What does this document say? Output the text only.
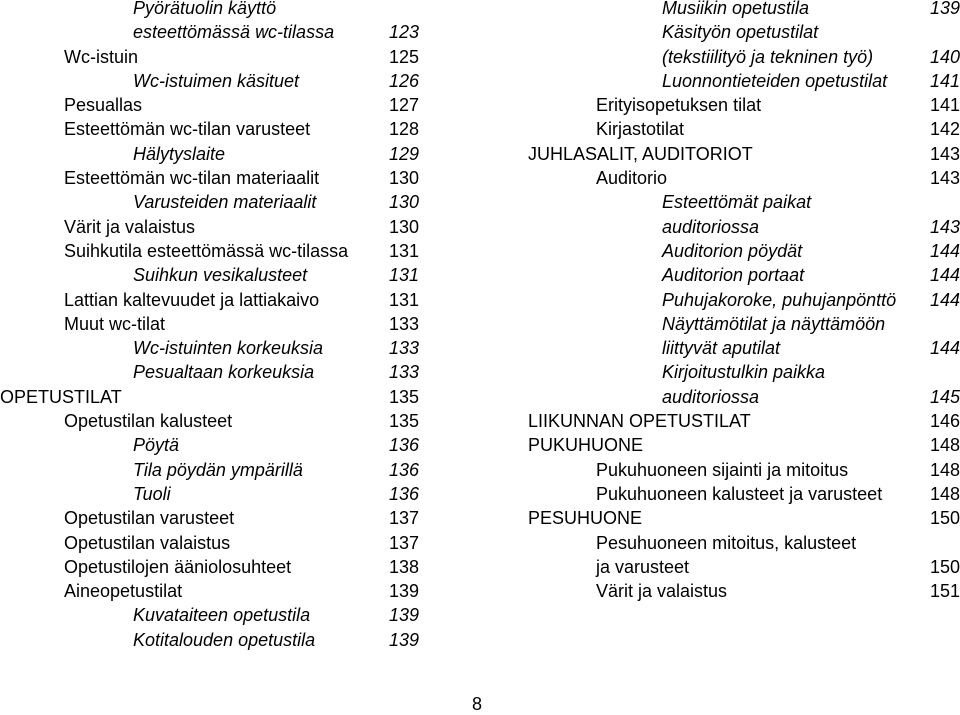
Pyörätuolin käyttö
esteettömässä wc-tilassa	123
Wc-istuin	125
Wc-istuimen käsituet	126
Pesuallas	127
Esteettömän wc-tilan varusteet	128
Hälytyslaite	129
Esteettömän wc-tilan materiaalit	130
Varusteiden materiaalit	130
Värit ja valaistus	130
Suihkutila esteettömässä wc-tilassa 131
Suihkun vesikalusteet	131
Lattian kaltevuudet ja lattiakaivo	131
Muut wc-tilat	133
Wc-istuinten korkeuksia	133
Pesualtaan korkeuksia	133
OPETUSTILAT	135
Opetustilan kalusteet	135
Pöytä	136
Tila pöydän ympärillä	136
Tuoli	136
Opetustilan varusteet	137
Opetustilan valaistus	137
Opetustilojen ääniolosuhteet	138
Aineopetustilat	139
Kuvataiteen opetustila	139
Kotitalouden opetustila	139
Musiikin opetustila	139
Käsityön opetustilat
(tekstiilityö ja tekninen työ)	140
Luonnontieteiden opetustilat 141
Erityisopetuksen tilat	141
Kirjastotilat	142
JUHLASALIT, AUDITORIOT	143
Auditorio	143
Esteettömät paikat
auditoriossa	143
Auditorion pöydät	144
Auditorion portaat	144
Puhujakoroke, puhujanpönttö 144
Näyttämötilat ja näyttämöön
liittyvät aputilat	144
Kirjoitustulkin paikka
auditoriossa	145
LIIKUNNAN OPETUSTILAT	146
PUKUHUONE	148
Pukuhuoneen sijainti ja mitoitus	148
Pukuhuoneen kalusteet ja varusteet	148
PESUHUONE	150
Pesuhuoneen mitoitus, kalusteet
ja varusteet	150
Värit ja valaistus	151
8
